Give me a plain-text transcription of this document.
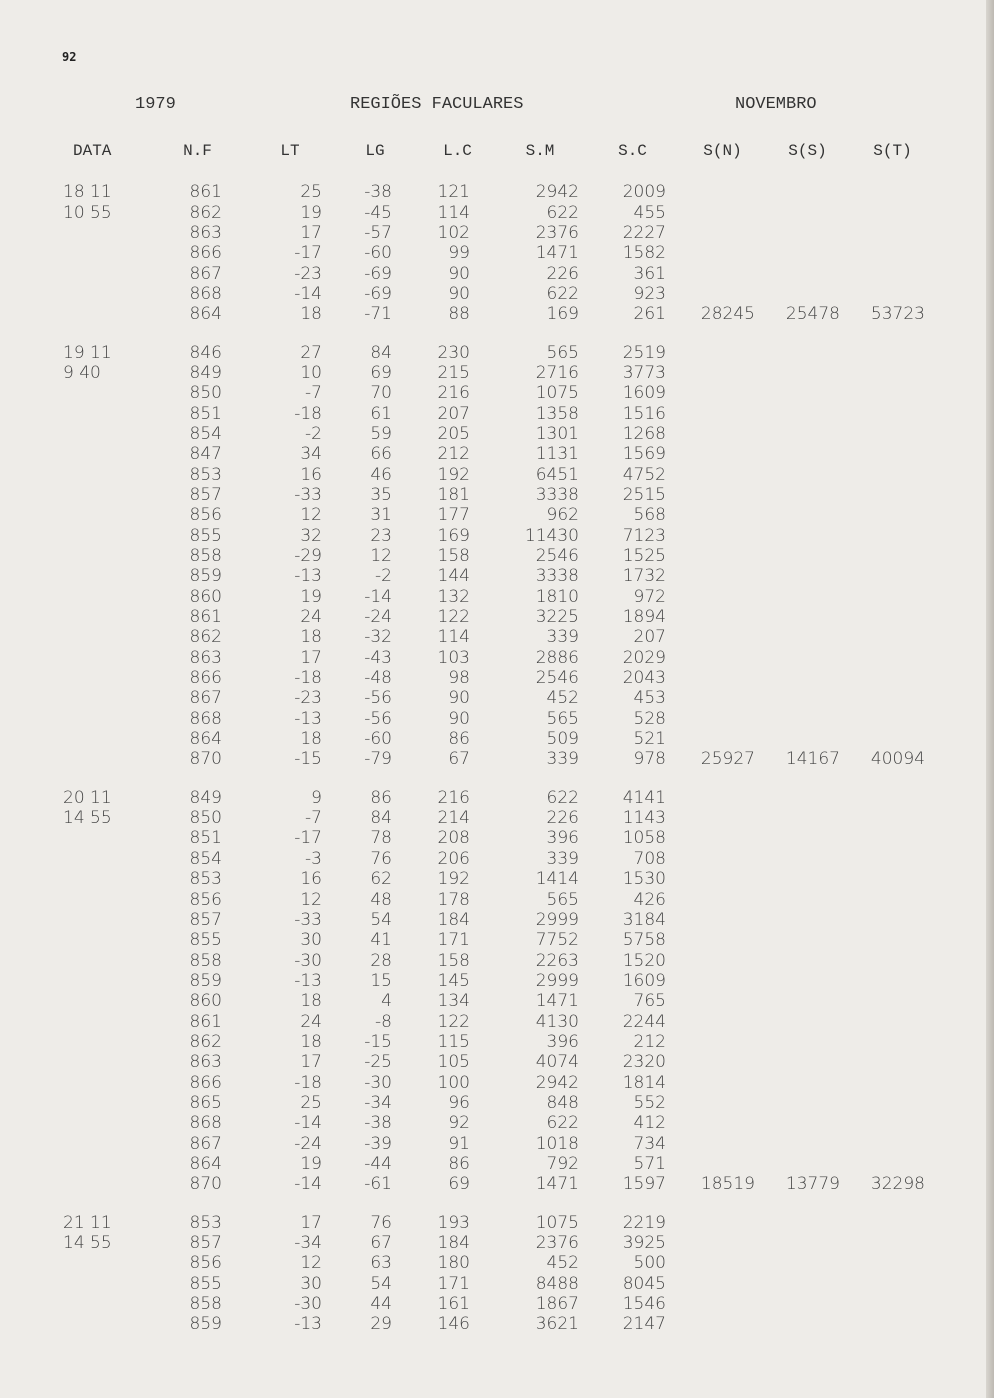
92
1979	REGIÕES FACULARES	NOVEMBRO
DATA	N.F	LT	LG	L.C	S.M	S.C	S(N)	S(S)	S(T)

18 11	861	25	-38	121	2942	2009			
10 55	862	19	-45	114	622	455			
	863	17	-57	102	2376	2227			
	866	-17	-60	99	1471	1582			
	867	-23	-69	90	226	361			
	868	-14	-69	90	622	923			
	864	18	-71	88	169	261	28245	25478	53723

19 11	846	27	84	230	565	2519			
9 40	849	10	69	215	2716	3773			
	850	-7	70	216	1075	1609			
	851	-18	61	207	1358	1516			
	854	-2	59	205	1301	1268			
	847	34	66	212	1131	1569			
	853	16	46	192	6451	4752			
	857	-33	35	181	3338	2515			
	856	12	31	177	962	568			
	855	32	23	169	11430	7123			
	858	-29	12	158	2546	1525			
	859	-13	-2	144	3338	1732			
	860	19	-14	132	1810	972			
	861	24	-24	122	3225	1894			
	862	18	-32	114	339	207			
	863	17	-43	103	2886	2029			
	866	-18	-48	98	2546	2043			
	867	-23	-56	90	452	453			
	868	-13	-56	90	565	528			
	864	18	-60	86	509	521			
	870	-15	-79	67	339	978	25927	14167	40094

20 11	849	9	86	216	622	4141			
14 55	850	-7	84	214	226	1143			
	851	-17	78	208	396	1058			
	854	-3	76	206	339	708			
	853	16	62	192	1414	1530			
	856	12	48	178	565	426			
	857	-33	54	184	2999	3184			
	855	30	41	171	7752	5758			
	858	-30	28	158	2263	1520			
	859	-13	15	145	2999	1609			
	860	18	4	134	1471	765			
	861	24	-8	122	4130	2244			
	862	18	-15	115	396	212			
	863	17	-25	105	4074	2320			
	866	-18	-30	100	2942	1814			
	865	25	-34	96	848	552			
	868	-14	-38	92	622	412			
	867	-24	-39	91	1018	734			
	864	19	-44	86	792	571			
	870	-14	-61	69	1471	1597	18519	13779	32298

21 11	853	17	76	193	1075	2219			
14 55	857	-34	67	184	2376	3925			
	856	12	63	180	452	500			
	855	30	54	171	8488	8045			
	858	-30	44	161	1867	1546			
	859	-13	29	146	3621	2147			
